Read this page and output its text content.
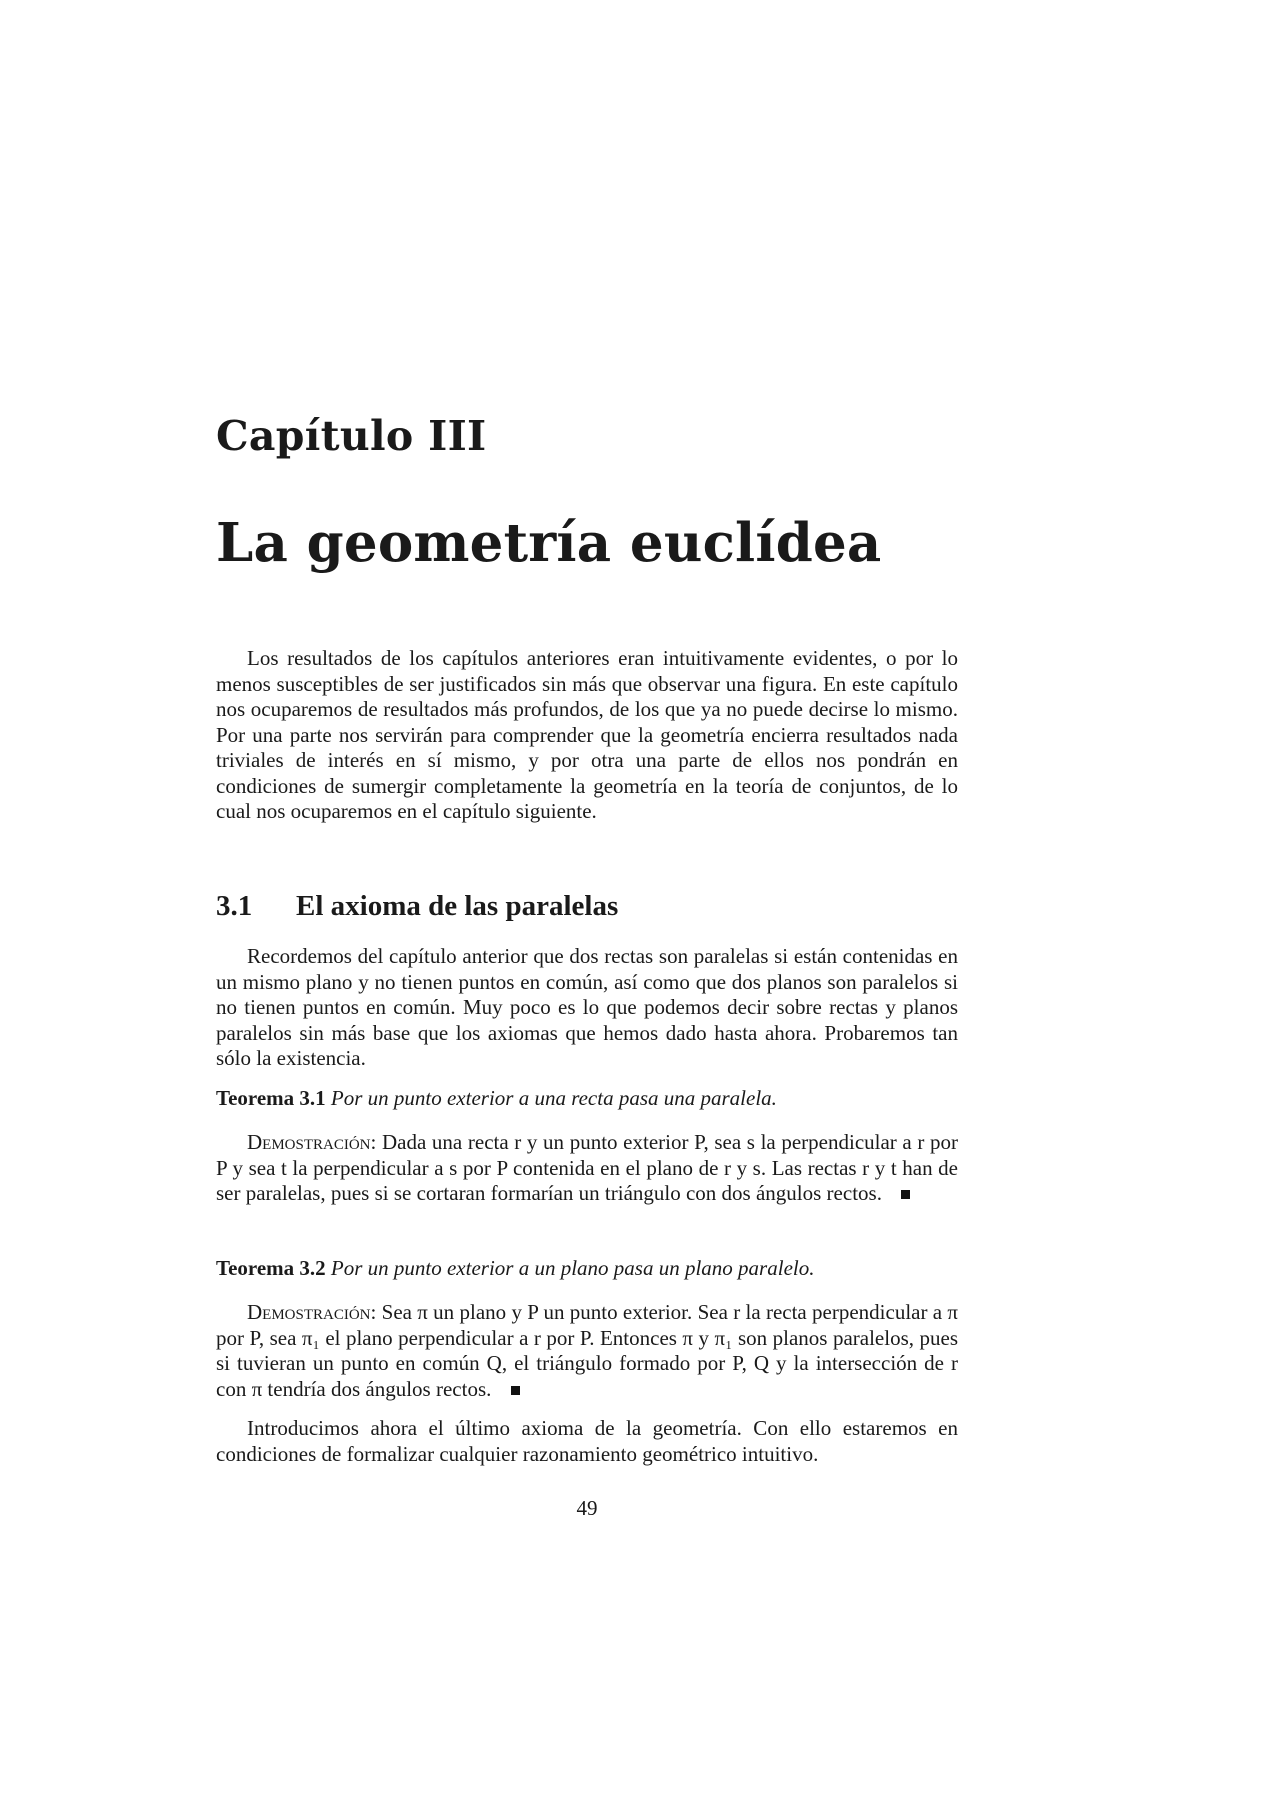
Capítulo III
La geometría euclídea

Los resultados de los capítulos anteriores eran intuitivamente evidentes, o por lo menos susceptibles de ser justificados sin más que observar una figura. En este capítulo nos ocuparemos de resultados más profundos, de los que ya no puede decirse lo mismo. Por una parte nos servirán para comprender que la geometría encierra resultados nada triviales de interés en sí mismo, y por otra una parte de ellos nos pondrán en condiciones de sumergir completamente la geometría en la teoría de conjuntos, de lo cual nos ocuparemos en el capítulo siguiente.

3.1 El axioma de las paralelas

Recordemos del capítulo anterior que dos rectas son paralelas si están contenidas en un mismo plano y no tienen puntos en común, así como que dos planos son paralelos si no tienen puntos en común. Muy poco es lo que podemos decir sobre rectas y planos paralelos sin más base que los axiomas que hemos dado hasta ahora. Probaremos tan sólo la existencia.

Teorema 3.1 Por un punto exterior a una recta pasa una paralela.

Demostración: Dada una recta r y un punto exterior P, sea s la perpendicular a r por P y sea t la perpendicular a s por P contenida en el plano de r y s. Las rectas r y t han de ser paralelas, pues si se cortaran formarían un triángulo con dos ángulos rectos.

Teorema 3.2 Por un punto exterior a un plano pasa un plano paralelo.

Demostración: Sea π un plano y P un punto exterior. Sea r la recta perpendicular a π por P, sea π₁ el plano perpendicular a r por P. Entonces π y π₁ son planos paralelos, pues si tuvieran un punto en común Q, el triángulo formado por P, Q y la intersección de r con π tendría dos ángulos rectos.

Introducimos ahora el último axioma de la geometría. Con ello estaremos en condiciones de formalizar cualquier razonamiento geométrico intuitivo.

49
